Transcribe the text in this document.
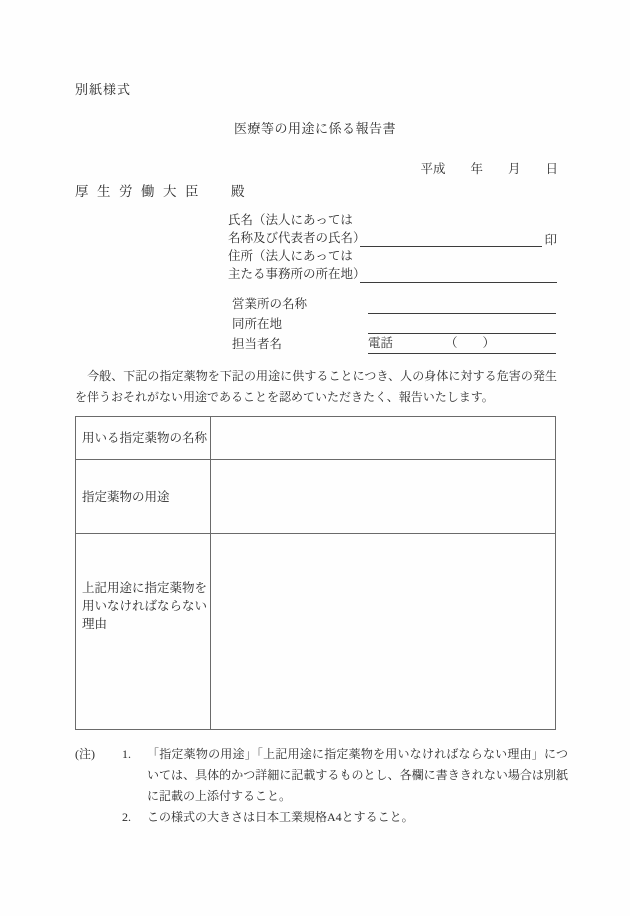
別紙様式
医療等の用途に係る報告書
平成　　年　　月　　日
厚生労働大臣 殿
氏名（法人にあっては
名称及び代表者の氏名）	印
住所（法人にあっては
主たる事務所の所在地）
営業所の名称
同所在地
担当者名	電話	（　　）
　今般、下記の指定薬物を下記の用途に供することにつき、人の身体に対する危害の発生を伴うおそれがない用途であることを認めていただきたく、報告いたします。
用いる指定薬物の名称
指定薬物の用途
上記用途に指定薬物を用いなければならない理由
(注)	1.	「指定薬物の用途」「上記用途に指定薬物を用いなければならない理由」については、具体的かつ詳細に記載するものとし、各欄に書ききれない場合は別紙に記載の上添付すること。
2.	この様式の大きさは日本工業規格A4とすること。
